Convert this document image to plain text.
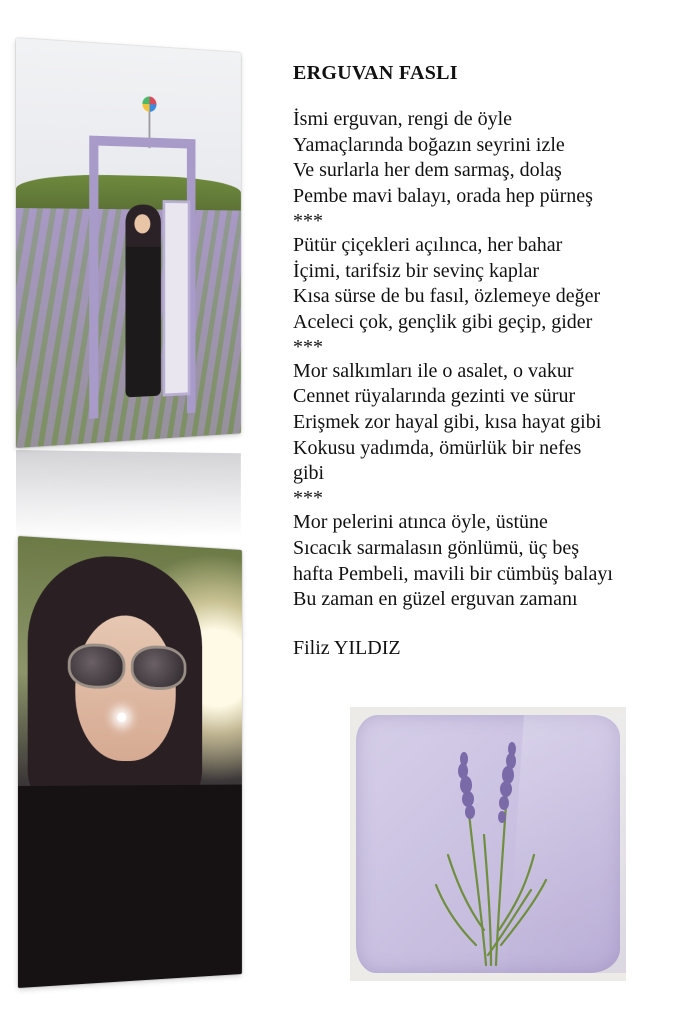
ERGUVAN FASLI
İsmi erguvan, rengi de öyle
Yamaçlarında boğazın seyrini izle
Ve surlarla her dem sarmaş, dolaş
Pembe mavi balayı, orada hep pürneş
***
Pütür çiçekleri açılınca, her bahar
İçimi, tarifsiz bir sevinç kaplar
Kısa sürse de bu fasıl, özlemeye değer
Aceleci çok, gençlik gibi geçip, gider
***
Mor salkımları ile o asalet, o vakur
Cennet rüyalarında gezinti ve sürur
Erişmek zor hayal gibi, kısa hayat gibi
Kokusu yadımda, ömürlük bir nefes
gibi
***
Mor pelerini atınca öyle, üstüne
Sıcacık sarmalasın gönlümü, üç beş
hafta Pembeli, mavili bir cümbüş balayı
Bu zaman en güzel erguvan zamanı
Filiz YILDIZ
